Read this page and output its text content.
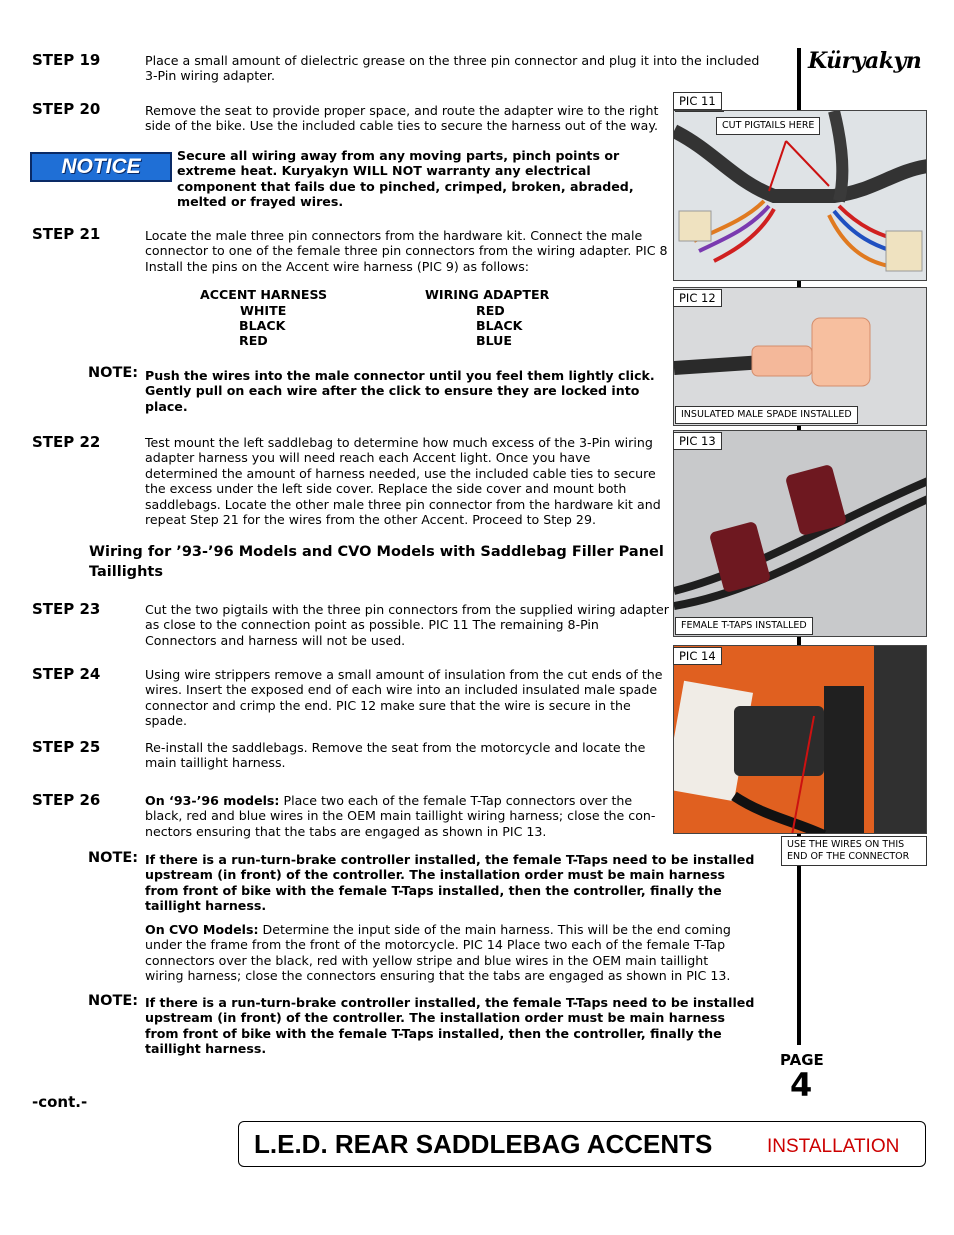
Küryakyn
STEP 19	Place a small amount of dielectric grease on the three pin connector and plug it into the included 3-Pin wiring adapter.
STEP 20	Remove the seat to provide proper space, and route the adapter wire to the right side of the bike. Use the included cable ties to secure the harness out of the way.
NOTICE	Secure all wiring away from any moving parts, pinch points or extreme heat. Kuryakyn WILL NOT warranty any electrical component that fails due to pinched, crimped, broken, abraded, melted or frayed wires.
STEP 21	Locate the male three pin connectors from the hardware kit. Connect the male connector to one of the female three pin connectors from the wiring adapter. PIC 8 Install the pins on the Accent wire harness (PIC 9) as follows:
ACCENT HARNESS	WIRING ADAPTER
WHITE	RED
BLACK	BLACK
RED	BLUE
NOTE: Push the wires into the male connector until you feel them lightly click. Gently pull on each wire after the click to ensure they are locked into place.
STEP 22	Test mount the left saddlebag to determine how much excess of the 3-Pin wiring adapter harness you will need reach each Accent light. Once you have determined the amount of harness needed, use the included cable ties to secure the excess under the left side cover. Replace the side cover and mount both saddlebags. Locate the other male three pin connector from the hardware kit and repeat Step 21 for the wires from the other Accent. Proceed to Step 29.
Wiring for ’93-’96 Models and CVO Models with Saddlebag Filler Panel Taillights
STEP 23	Cut the two pigtails with the three pin connectors from the supplied wiring adapter as close to the connection point as possible. PIC 11 The remaining 8-Pin Connectors and harness will not be used.
STEP 24	Using wire strippers remove a small amount of insulation from the cut ends of the wires. Insert the exposed end of each wire into an included insulated male spade connector and crimp the end. PIC 12 make sure that the wire is secure in the spade.
STEP 25	Re-install the saddlebags. Remove the seat from the motorcycle and locate the main taillight harness.
STEP 26	On ‘93-’96 models: Place two each of the female T-Tap connectors over the black, red and blue wires in the OEM main taillight wiring harness; close the con-nectors ensuring that the tabs are engaged as shown in PIC 13.
NOTE: If there is a run-turn-brake controller installed, the female T-Taps need to be installed upstream (in front) of the controller. The installation order must be main harness from front of bike with the female T-Taps installed, then the controller, finally the taillight harness.
On CVO Models: Determine the input side of the main harness. This will be the end coming under the frame from the front of the motorcycle. PIC 14 Place two each of the female T-Tap connectors over the black, red with yellow stripe and blue wires in the OEM main taillight wiring harness; close the connectors ensuring that the tabs are engaged as shown in PIC 13.
NOTE: If there is a run-turn-brake controller installed, the female T-Taps need to be installed upstream (in front) of the controller. The installation order must be main harness from front of bike with the female T-Taps installed, then the controller, finally the taillight harness.
CUT PIGTAILS HERE
PIC 11
INSULATED MALE SPADE INSTALLED
PIC 12
FEMALE T-TAPS INSTALLED
PIC 13
PIC 14
USE THE WIRES ON THIS END OF THE CONNECTOR
-cont.-
PAGE
4
L.E.D. REAR SADDLEBAG ACCENTS	INSTALLATION
